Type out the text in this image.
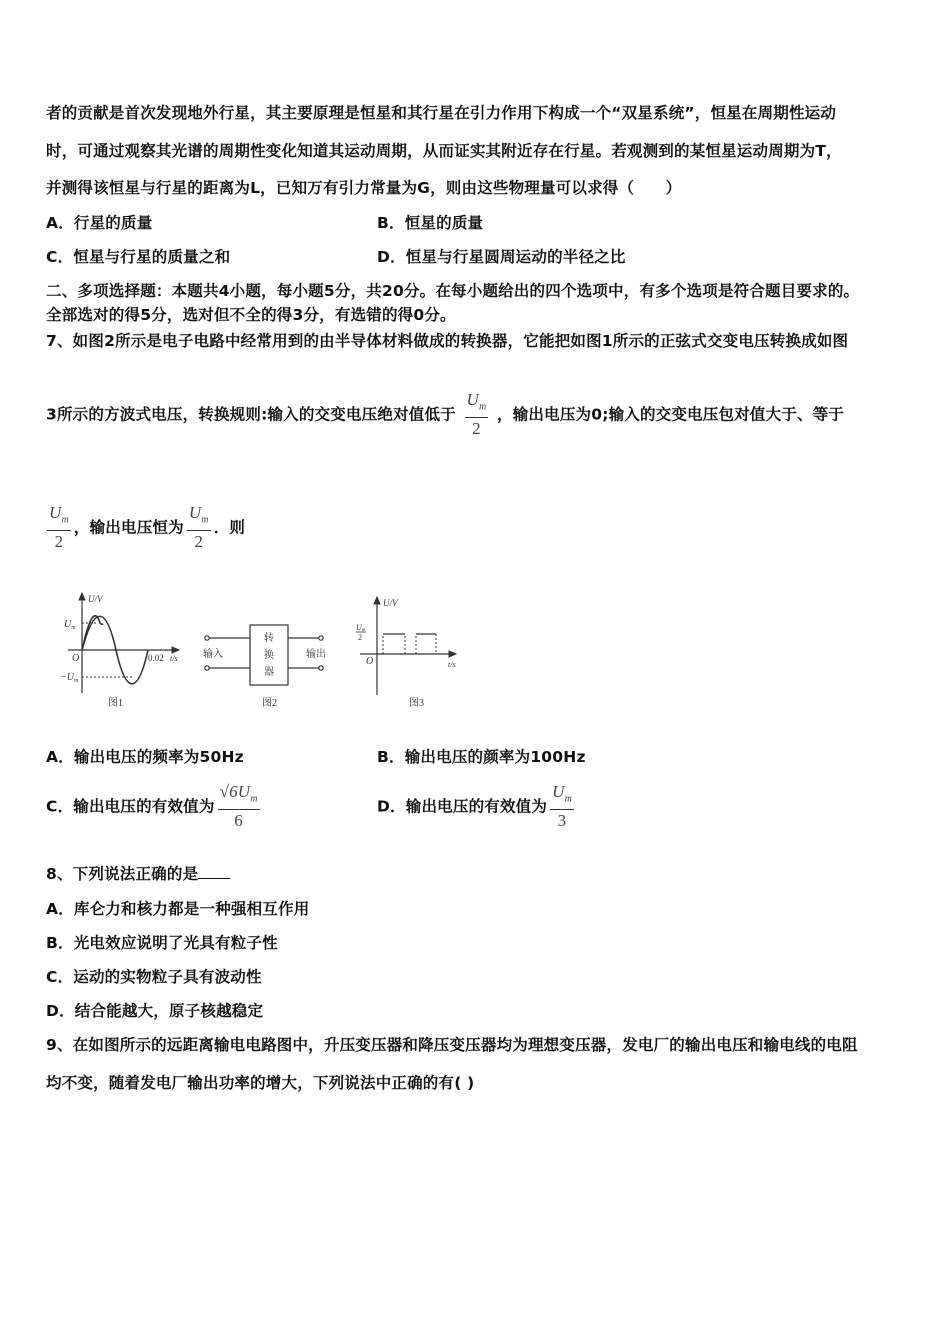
者的贡献是首次发现地外行星，其主要原理是恒星和其行星在引力作用下构成一个“双星系统”，恒星在周期性运动
时，可通过观察其光谱的周期性变化知道其运动周期，从而证实其附近存在行星。若观测到的某恒星运动周期为T，
并测得该恒星与行星的距离为L，已知万有引力常量为G，则由这些物理量可以求得（　　）
A．行星的质量	B．恒星的质量
C．恒星与行星的质量之和	D．恒星与行星圆周运动的半径之比
二、多项选择题：本题共4小题，每小题5分，共20分。在每小题给出的四个选项中，有多个选项是符合题目要求的。
全部选对的得5分，选对但不全的得3分，有选错的得0分。
7、如图2所示是电子电路中经常用到的由半导体材料做成的转换器，它能把如图1所示的正弦式交变电压转换成如图
3所示的方波式电压，转换规则:输入的交变电压绝对值低于 $\frac{U_m}{2}$ ，输出电压为0;输入的交变电压包对值大于、等于
$\frac{U_m}{2}$ ，输出电压恒为 $\frac{U_m}{2}$ ．则
U/V
$U_m$
O	0.02 t/s
$-U_m$
图1
输入
转
换
器
输出
图2
U/V
Um
2
O	t/s
图3
A．输出电压的频率为50Hz	B．输出电压的颜率为100Hz
C．输出电压的有效值为 $\frac{√6U_m}{6}$	D．输出电压的有效值为 $\frac{U_m}{3}$
8、下列说法正确的是
A．库仑力和核力都是一种强相互作用
B．光电效应说明了光具有粒子性
C．运动的实物粒子具有波动性
D．结合能越大，原子核越稳定
9、在如图所示的远距离输电电路图中，升压变压器和降压变压器均为理想变压器，发电厂的输出电压和输电线的电阻
均不变，随着发电厂输出功率的增大，下列说法中正确的有( )
